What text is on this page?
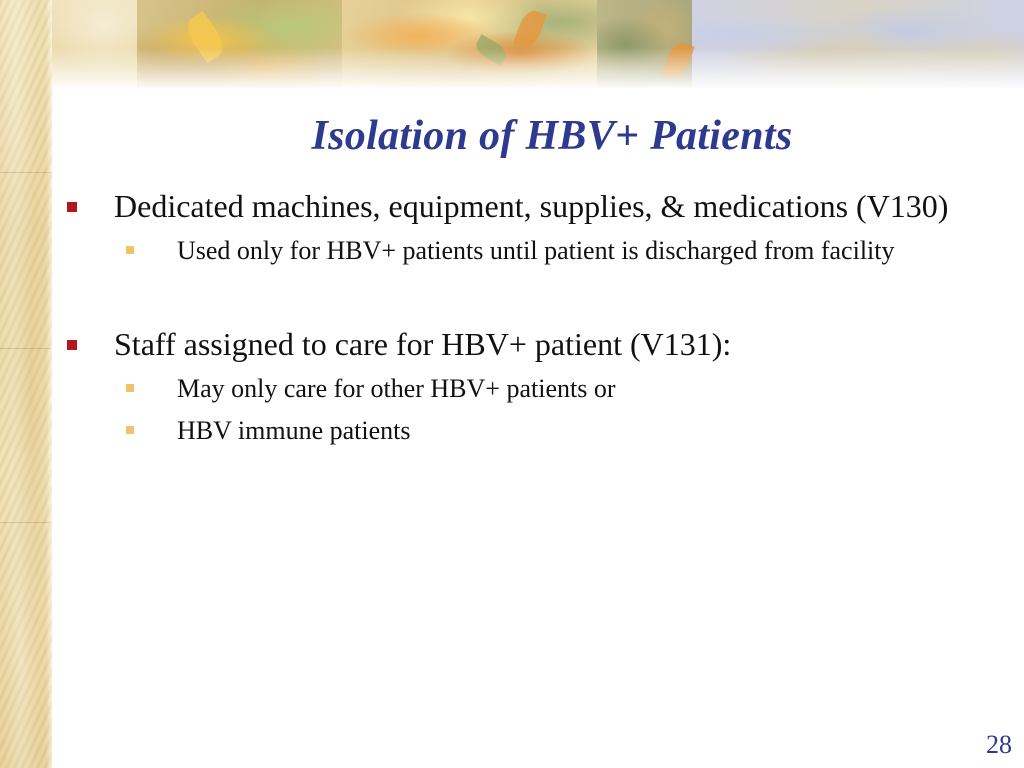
Isolation of HBV+ Patients
Dedicated machines, equipment, supplies, & medications (V130)
Used only for HBV+ patients until patient is discharged from facility
Staff assigned to care for HBV+ patient (V131):
May only care for other HBV+ patients or
HBV immune patients
28
